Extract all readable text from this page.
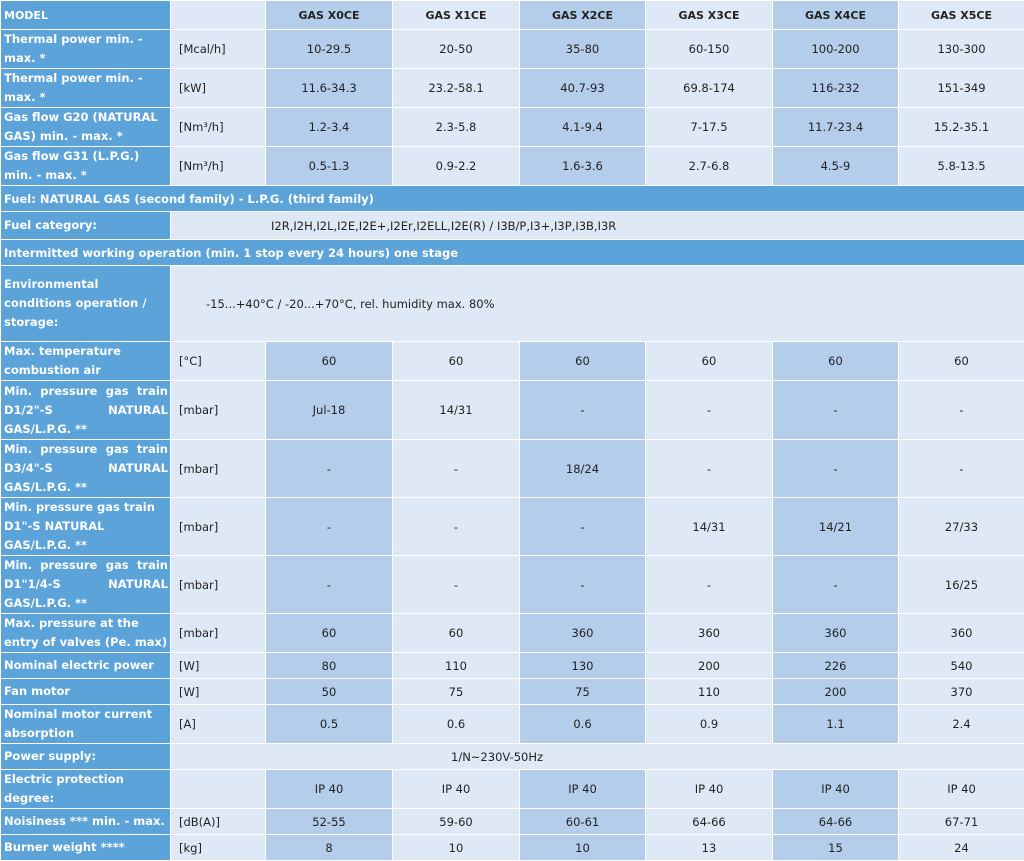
MODEL		GAS X0CE	GAS X1CE	GAS X2CE	GAS X3CE	GAS X4CE	GAS X5CE
Thermal power min. - max. *	[Mcal/h]	10-29.5	20-50	35-80	60-150	100-200	130-300
Thermal power min. - max. *	[kW]	11.6-34.3	23.2-58.1	40.7-93	69.8-174	116-232	151-349
Gas flow G20 (NATURAL GAS) min. - max. *	[Nm³/h]	1.2-3.4	2.3-5.8	4.1-9.4	7-17.5	11.7-23.4	15.2-35.1
Gas flow G31 (L.P.G.) min. - max. *	[Nm³/h]	0.5-1.3	0.9-2.2	1.6-3.6	2.7-6.8	4.5-9	5.8-13.5
Fuel: NATURAL GAS (second family) - L.P.G. (third family)							
Fuel category:	I2R,I2H,I2L,I2E,I2E+,I2Er,I2ELL,I2E(R) / I3B/P,I3+,I3P,I3B,I3R						
Intermitted working operation (min. 1 stop every 24 hours) one stage							
Environmental conditions operation / storage:	-15...+40°C / -20...+70°C, rel. humidity max. 80%						
Max. temperature combustion air	[°C]	60	60	60	60	60	60
Min. pressure gas train D1/2"-S NATURAL GAS/L.P.G. **	[mbar]	Jul-18	14/31	-	-	-	-
Min. pressure gas train D3/4"-S NATURAL GAS/L.P.G. **	[mbar]	-	-	18/24	-	-	-
Min. pressure gas train D1"-S NATURAL GAS/L.P.G. **	[mbar]	-	-	-	14/31	14/21	27/33
Min. pressure gas train D1"1/4-S NATURAL GAS/L.P.G. **	[mbar]	-	-	-	-	-	16/25
Max. pressure at the entry of valves (Pe. max)	[mbar]	60	60	360	360	360	360
Nominal electric power	[W]	80	110	130	200	226	540
Fan motor	[W]	50	75	75	110	200	370
Nominal motor current absorption	[A]	0.5	0.6	0.6	0.9	1.1	2.4
Power supply:	1/N~230V-50Hz						
Electric protection degree:		IP 40	IP 40	IP 40	IP 40	IP 40	IP 40
Noisiness *** min. - max.	[dB(A)]	52-55	59-60	60-61	64-66	64-66	67-71
Burner weight ****	[kg]	8	10	10	13	15	24
